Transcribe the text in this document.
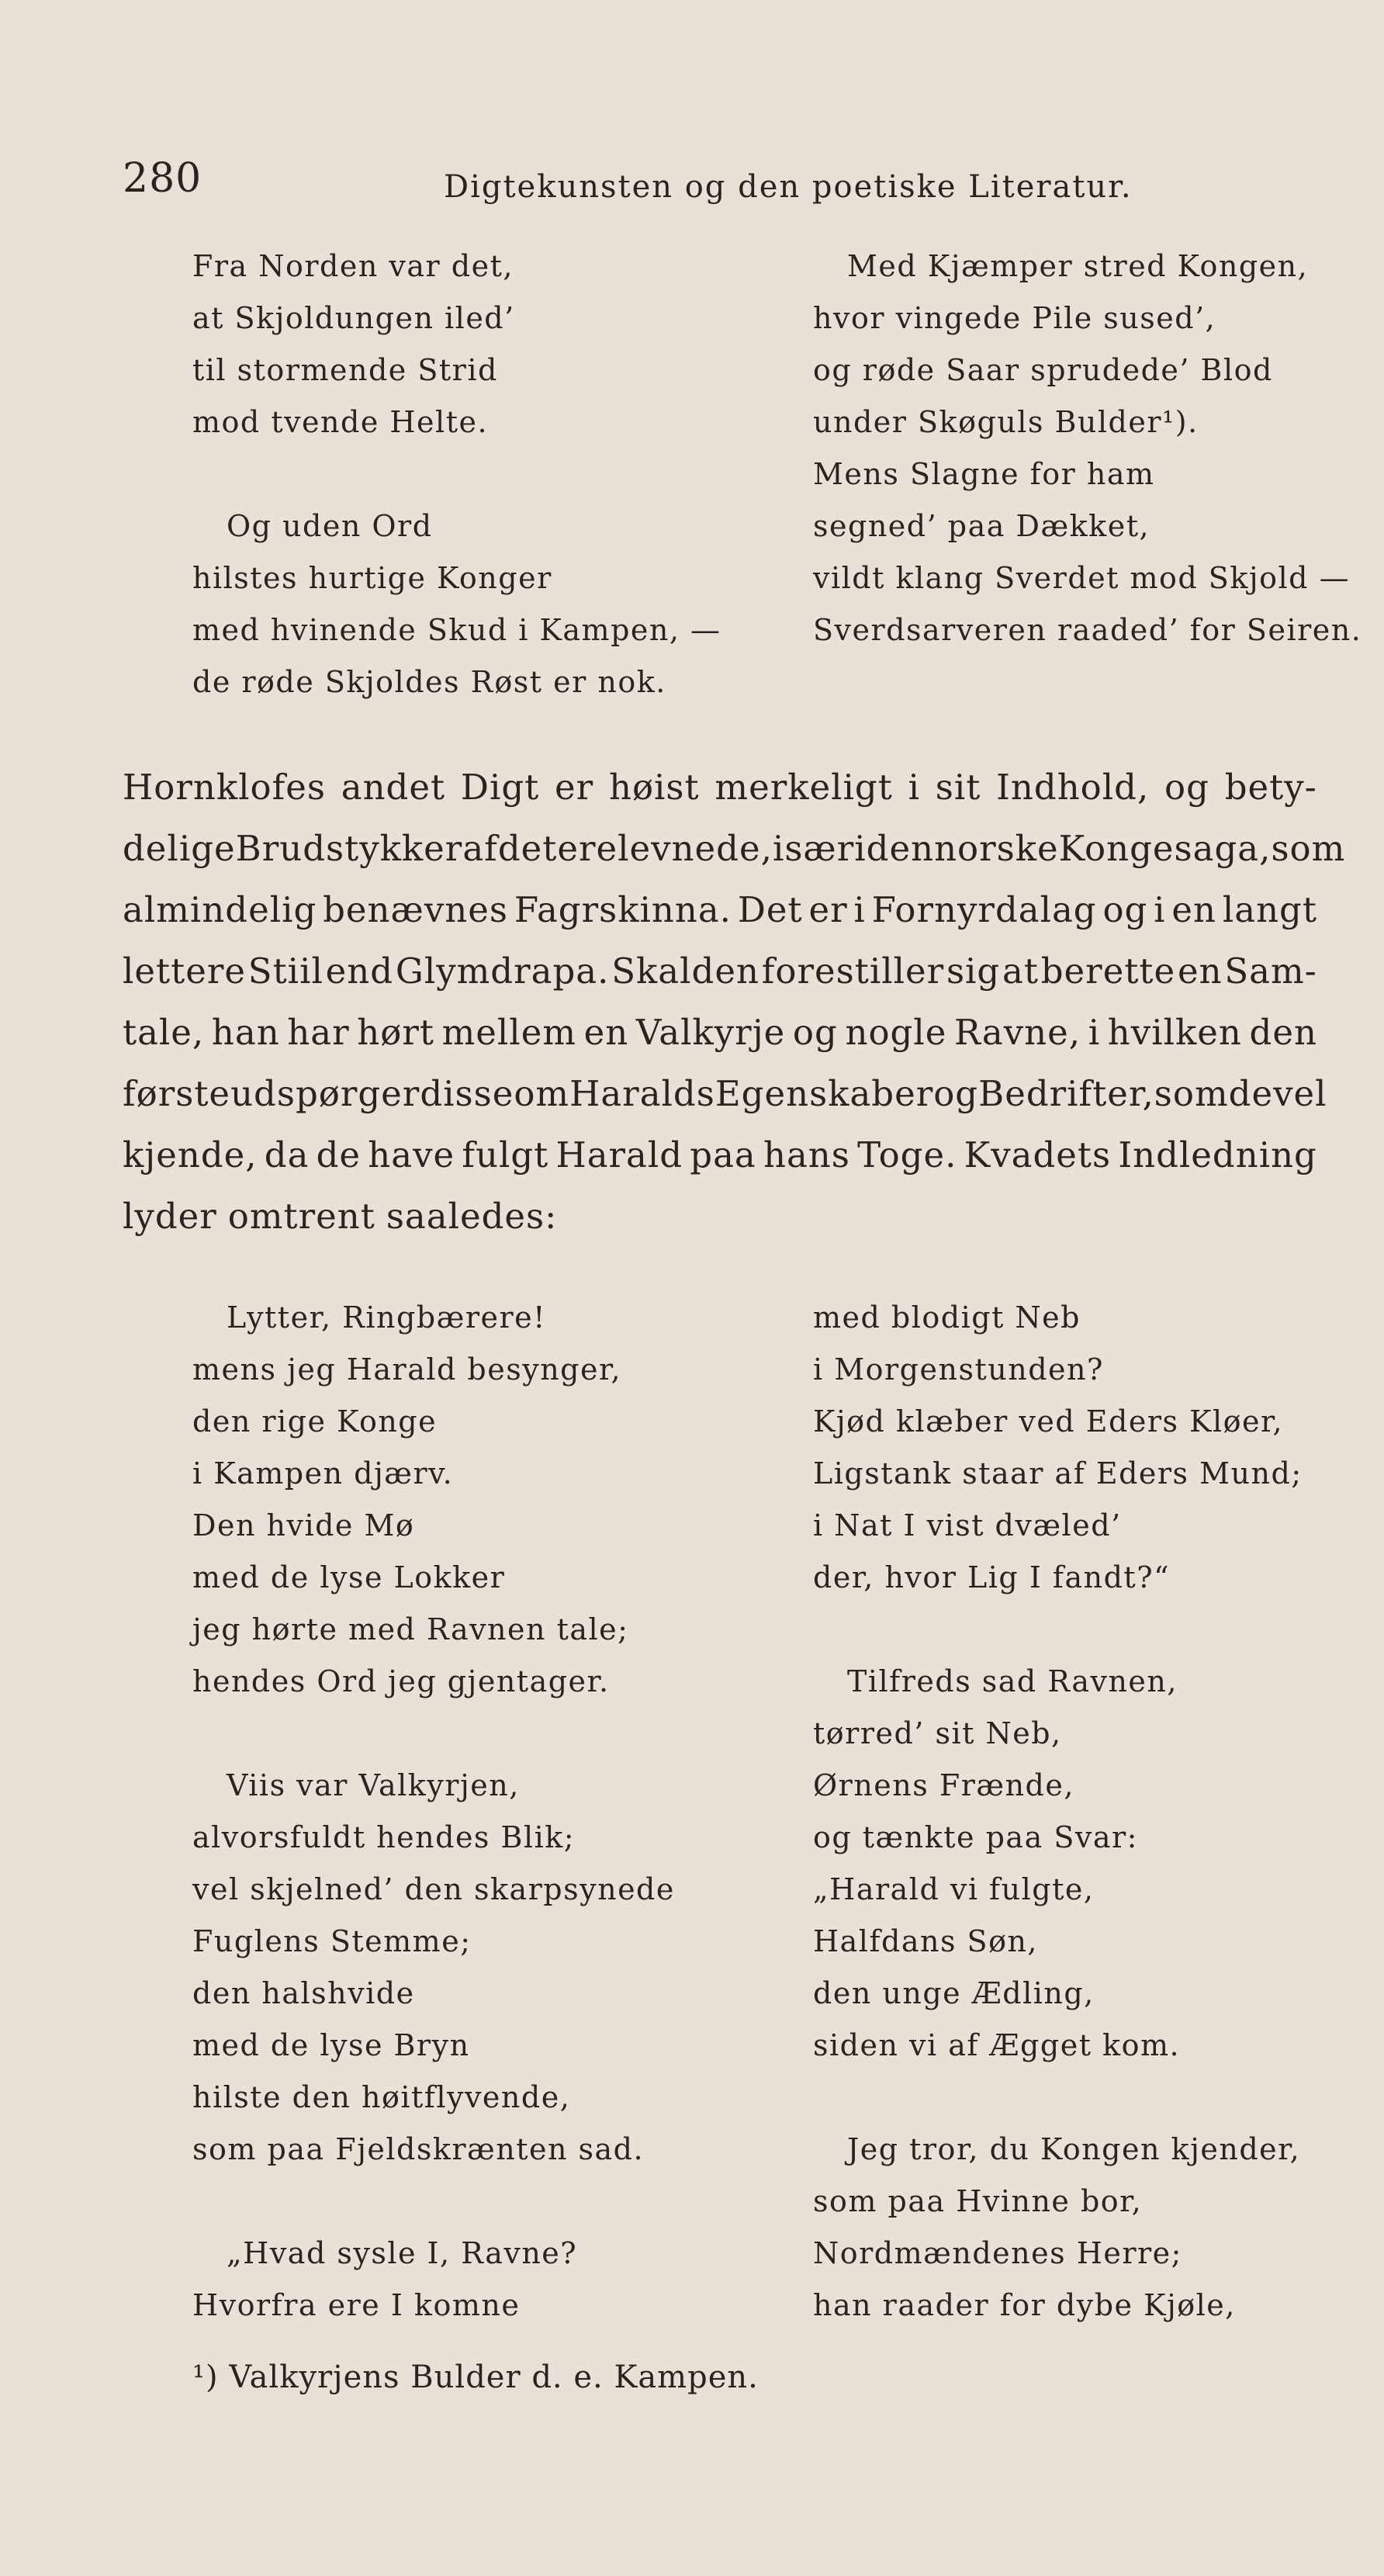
280	Digtekunsten og den poetiske Literatur.
Fra Norden var det,
at Skjoldungen iled’
til stormende Strid
mod tvende Helte.
Og uden Ord
hilstes hurtige Konger
med hvinende Skud i Kampen, —
de røde Skjoldes Røst er nok.
Med Kjæmper stred Kongen,
hvor vingede Pile sused’,
og røde Saar sprudede’ Blod
under Skøguls Bulder¹).
Mens Slagne for ham
segned’ paa Dækket,
vildt klang Sverdet mod Skjold —
Sverdsarveren raaded’ for Seiren.
Hornklofes andet Digt er høist merkeligt i sit Indhold, og bety-
delige Brudstykker af det ere levnede, især i den norske Kongesaga, som
almindelig benævnes Fagrskinna. Det er i Fornyrdalag og i en langt
lettere Stiil end Glymdrapa. Skalden forestiller sig at berette en Sam-
tale, han har hørt mellem en Valkyrje og nogle Ravne, i hvilken den
første udspørger disse om Haralds Egenskaber og Bedrifter, som de vel
kjende, da de have fulgt Harald paa hans Toge. Kvadets Indledning
lyder omtrent saaledes:
Lytter, Ringbærere!
mens jeg Harald besynger,
den rige Konge
i Kampen djærv.
Den hvide Mø
med de lyse Lokker
jeg hørte med Ravnen tale;
hendes Ord jeg gjentager.
Viis var Valkyrjen,
alvorsfuldt hendes Blik;
vel skjelned’ den skarpsynede
Fuglens Stemme;
den halshvide
med de lyse Bryn
hilste den høitflyvende,
som paa Fjeldskrænten sad.
„Hvad sysle I, Ravne?
Hvorfra ere I komne
med blodigt Neb
i Morgenstunden?
Kjød klæber ved Eders Kløer,
Ligstank staar af Eders Mund;
i Nat I vist dvæled’
der, hvor Lig I fandt?“
Tilfreds sad Ravnen,
tørred’ sit Neb,
Ørnens Frænde,
og tænkte paa Svar:
„Harald vi fulgte,
Halfdans Søn,
den unge Ædling,
siden vi af Ægget kom.
Jeg tror, du Kongen kjender,
som paa Hvinne bor,
Nordmændenes Herre;
han raader for dybe Kjøle,
¹) Valkyrjens Bulder d. e. Kampen.
